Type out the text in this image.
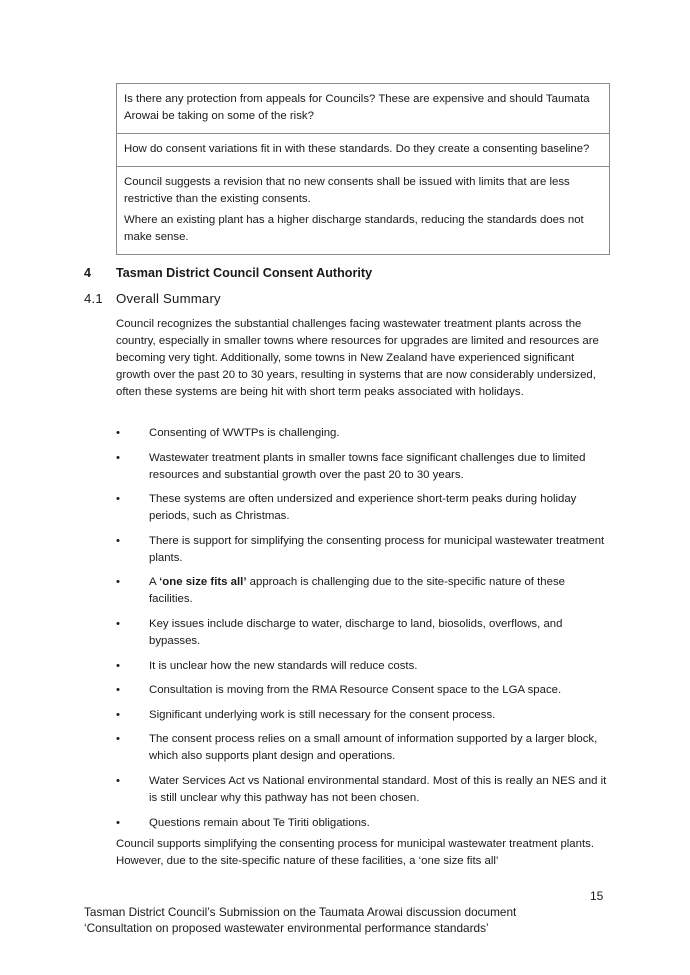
Is there any protection from appeals for Councils? These are expensive and should Taumata Arowai be taking on some of the risk?

How do consent variations fit in with these standards. Do they create a consenting baseline?

Council suggests a revision that no new consents shall be issued with limits that are less restrictive than the existing consents.

Where an existing plant has a higher discharge standards, reducing the standards does not make sense.

4 Tasman District Council Consent Authority
4.1 Overall Summary

Council recognizes the substantial challenges facing wastewater treatment plants across the country, especially in smaller towns where resources for upgrades are limited and resources are becoming very tight. Additionally, some towns in New Zealand have experienced significant growth over the past 20 to 30 years, resulting in systems that are now considerably undersized, often these systems are being hit with short term peaks associated with holidays.

•	Consenting of WWTPs is challenging.
•	Wastewater treatment plants in smaller towns face significant challenges due to limited resources and substantial growth over the past 20 to 30 years.
•	These systems are often undersized and experience short-term peaks during holiday periods, such as Christmas.
•	There is support for simplifying the consenting process for municipal wastewater treatment plants.
•	A ‘one size fits all’ approach is challenging due to the site-specific nature of these facilities.
•	Key issues include discharge to water, discharge to land, biosolids, overflows, and bypasses.
•	It is unclear how the new standards will reduce costs.
•	Consultation is moving from the RMA Resource Consent space to the LGA space.
•	Significant underlying work is still necessary for the consent process.
•	The consent process relies on a small amount of information supported by a larger block, which also supports plant design and operations.
•	Water Services Act vs National environmental standard. Most of this is really an NES and it is still unclear why this pathway has not been chosen.
•	Questions remain about Te Tiriti obligations.

Council supports simplifying the consenting process for municipal wastewater treatment plants. However, due to the site-specific nature of these facilities, a ‘one size fits all’

15
Tasman District Council’s Submission on the Taumata Arowai discussion document
‘Consultation on proposed wastewater environmental performance standards’
